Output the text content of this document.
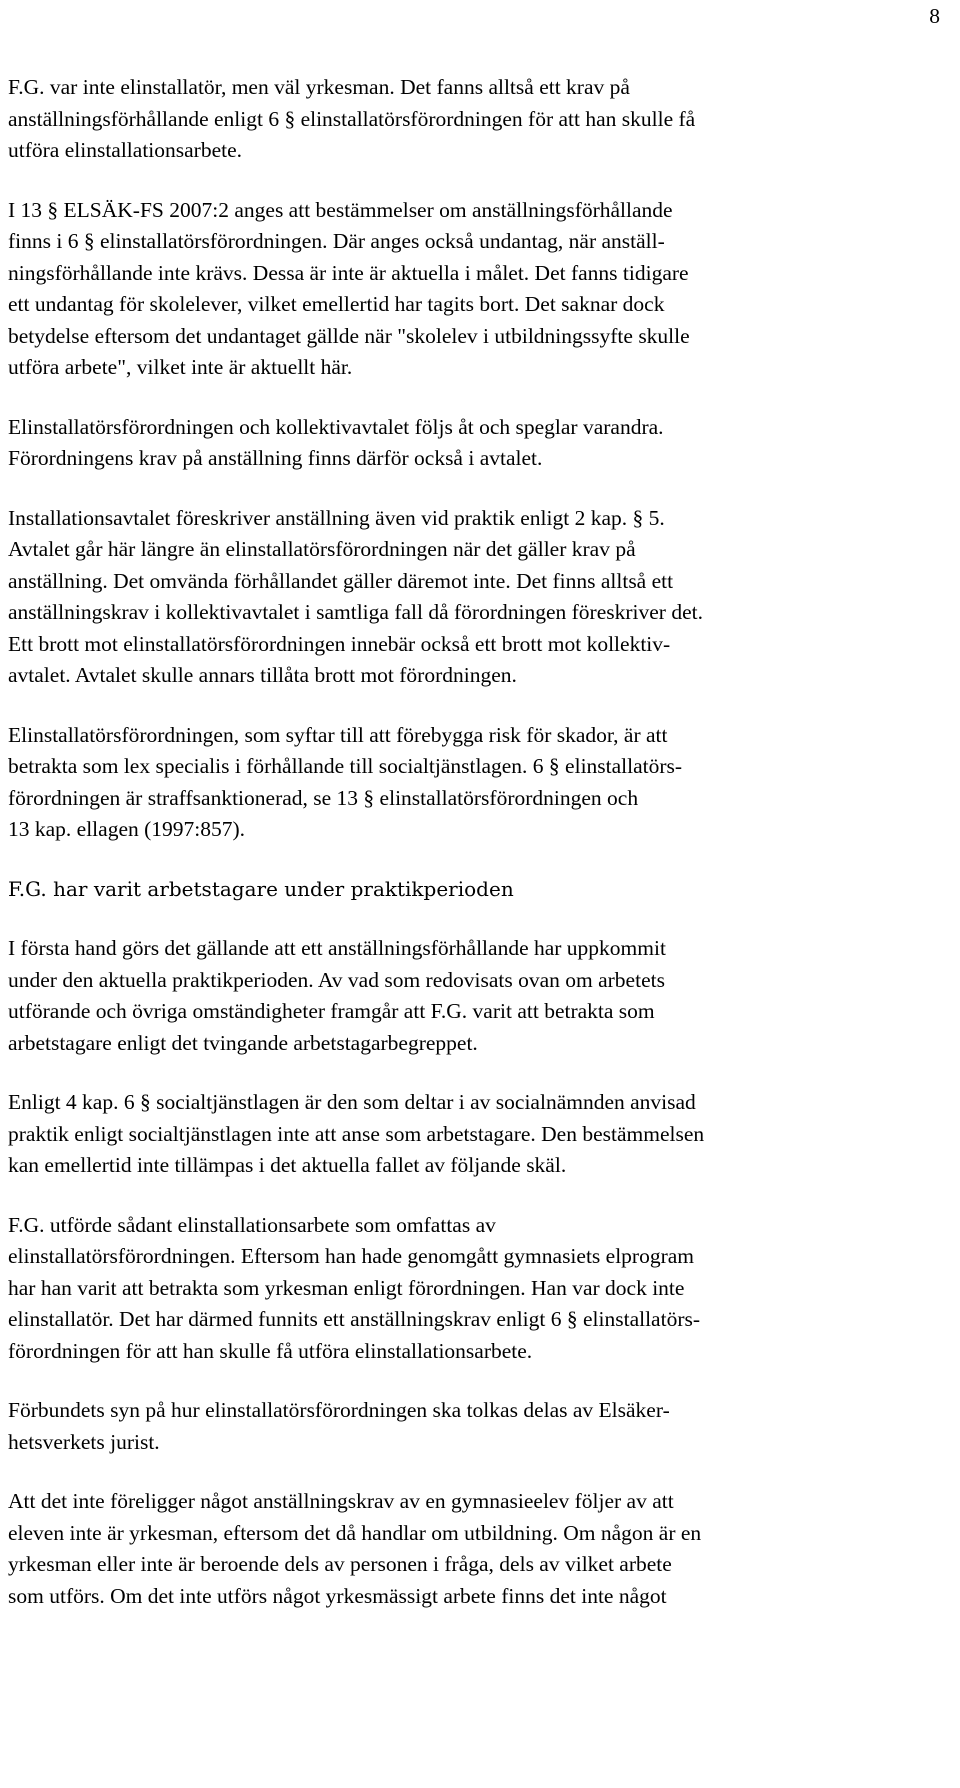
8

F.G. var inte elinstallatör, men väl yrkesman. Det fanns alltså ett krav på
anställningsförhållande enligt 6 § elinstallatörsförordningen för att han skulle få
utföra elinstallationsarbete.

I 13 § ELSÄK-FS 2007:2 anges att bestämmelser om anställningsförhållande
finns i 6 § elinstallatörsförordningen. Där anges också undantag, när anställ-
ningsförhållande inte krävs. Dessa är inte är aktuella i målet. Det fanns tidigare
ett undantag för skolelever, vilket emellertid har tagits bort. Det saknar dock
betydelse eftersom det undantaget gällde när "skolelev i utbildningssyfte skulle
utföra arbete", vilket inte är aktuellt här.

Elinstallatörsförordningen och kollektivavtalet följs åt och speglar varandra.
Förordningens krav på anställning finns därför också i avtalet.

Installationsavtalet föreskriver anställning även vid praktik enligt 2 kap. § 5.
Avtalet går här längre än elinstallatörsförordningen när det gäller krav på
anställning. Det omvända förhållandet gäller däremot inte. Det finns alltså ett
anställningskrav i kollektivavtalet i samtliga fall då förordningen föreskriver det.
Ett brott mot elinstallatörsförordningen innebär också ett brott mot kollektiv-
avtalet. Avtalet skulle annars tillåta brott mot förordningen.

Elinstallatörsförordningen, som syftar till att förebygga risk för skador, är att
betrakta som lex specialis i förhållande till socialtjänstlagen. 6 § elinstallatörs-
förordningen är straffsanktionerad, se 13 § elinstallatörsförordningen och
13 kap. ellagen (1997:857).

F.G. har varit arbetstagare under praktikperioden

I första hand görs det gällande att ett anställningsförhållande har uppkommit
under den aktuella praktikperioden. Av vad som redovisats ovan om arbetets
utförande och övriga omständigheter framgår att F.G. varit att betrakta som
arbetstagare enligt det tvingande arbetstagarbegreppet.

Enligt 4 kap. 6 § socialtjänstlagen är den som deltar i av socialnämnden anvisad
praktik enligt socialtjänstlagen inte att anse som arbetstagare. Den bestämmelsen
kan emellertid inte tillämpas i det aktuella fallet av följande skäl.

F.G. utförde sådant elinstallationsarbete som omfattas av
elinstallatörsförordningen. Eftersom han hade genomgått gymnasiets elprogram
har han varit att betrakta som yrkesman enligt förordningen. Han var dock inte
elinstallatör. Det har därmed funnits ett anställningskrav enligt 6 § elinstallatörs-
förordningen för att han skulle få utföra elinstallationsarbete.

Förbundets syn på hur elinstallatörsförordningen ska tolkas delas av Elsäker-
hetsverkets jurist.

Att det inte föreligger något anställningskrav av en gymnasieelev följer av att
eleven inte är yrkesman, eftersom det då handlar om utbildning. Om någon är en
yrkesman eller inte är beroende dels av personen i fråga, dels av vilket arbete
som utförs. Om det inte utförs något yrkesmässigt arbete finns det inte något
